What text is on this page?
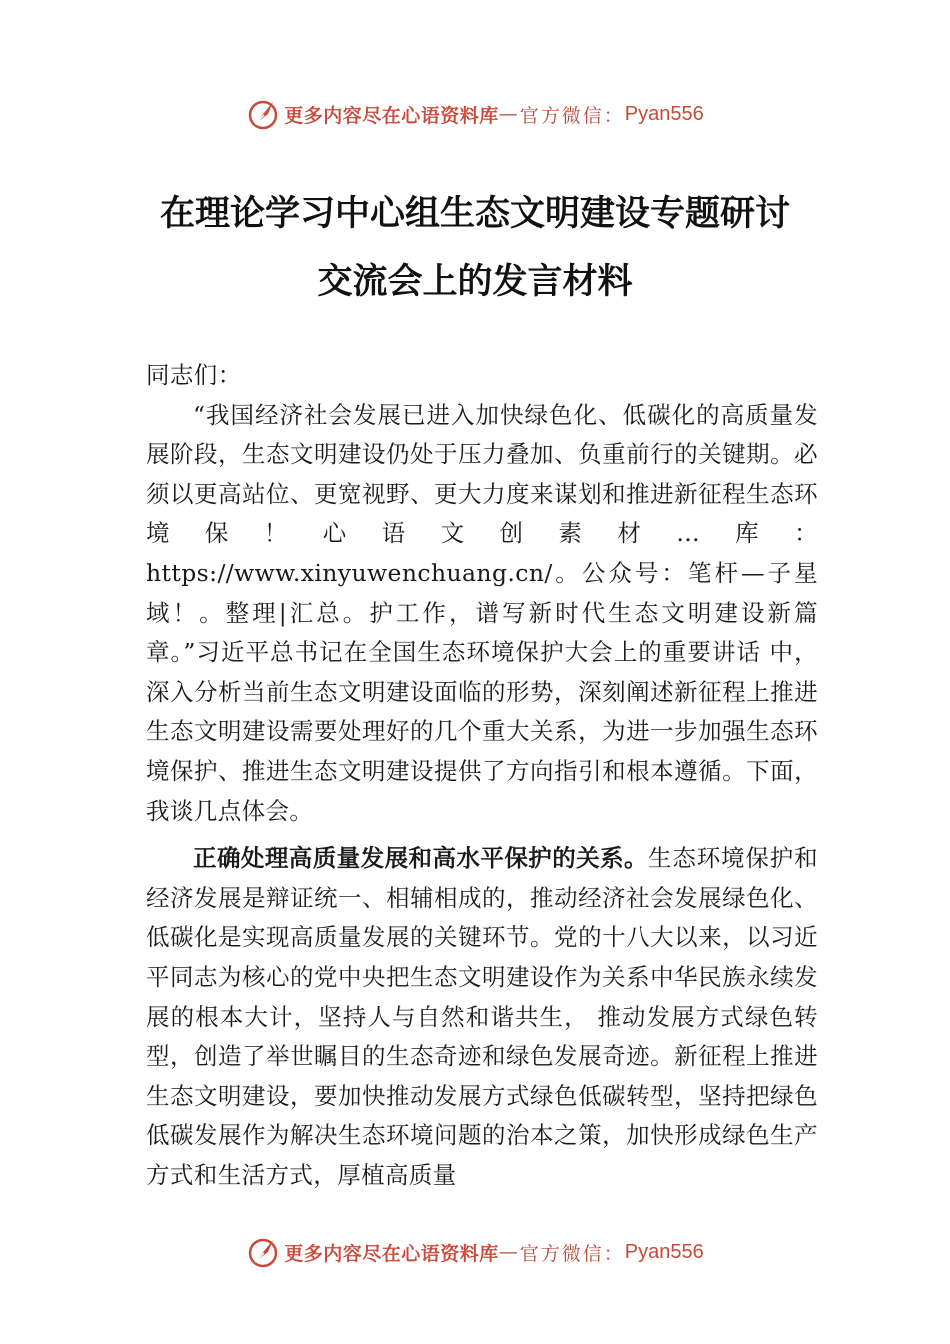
更多内容尽在心语资料库 — 官方微信： Pyan556
在理论学习中心组生态文明建设专题研讨
交流会上的发言材料

同志们：

“我国经济社会发展已进入加快绿色化、低碳化的高质量发展阶段，生态文明建设仍处于压力叠加、负重前行的关键期。必须以更高站位、更宽视野、更大力度来谋划和推进新征程生态环境保！心语文创素材…库：https://www.xinyuwenchuang.cn/。公众号：笔杆—子星域！。整理|汇总。护工作，谱写新时代生态文明建设新篇 章。”习近平总书记在全国生态环境保护大会上的重要讲话 中，深入分析当前生态文明建设面临的形势，深刻阐述新征程上推进生态文明建设需要处理好的几个重大关系，为进一步加强生态环境保护、推进生态文明建设提供了方向指引和根本遵循。下面，我谈几点体会。

正确处理高质量发展和高水平保护的关系。生态环境保护和经济发展是辩证统一、相辅相成的，推动经济社会发展绿色化、低碳化是实现高质量发展的关键环节。党的十八大以来，以习近平同志为核心的党中央把生态文明建设作为关系中华民族永续发展的根本大计，坚持人与自然和谐共生， 推动发展方式绿色转型，创造了举世瞩目的生态奇迹和绿色发展奇迹。新征程上推进生态文明建设，要加快推动发展方式绿色低碳转型，坚持把绿色低碳发展作为解决生态环境问题的治本之策，加快形成绿色生产方式和生活方式，厚植高质量

更多内容尽在心语资料库 — 官方微信： Pyan556
